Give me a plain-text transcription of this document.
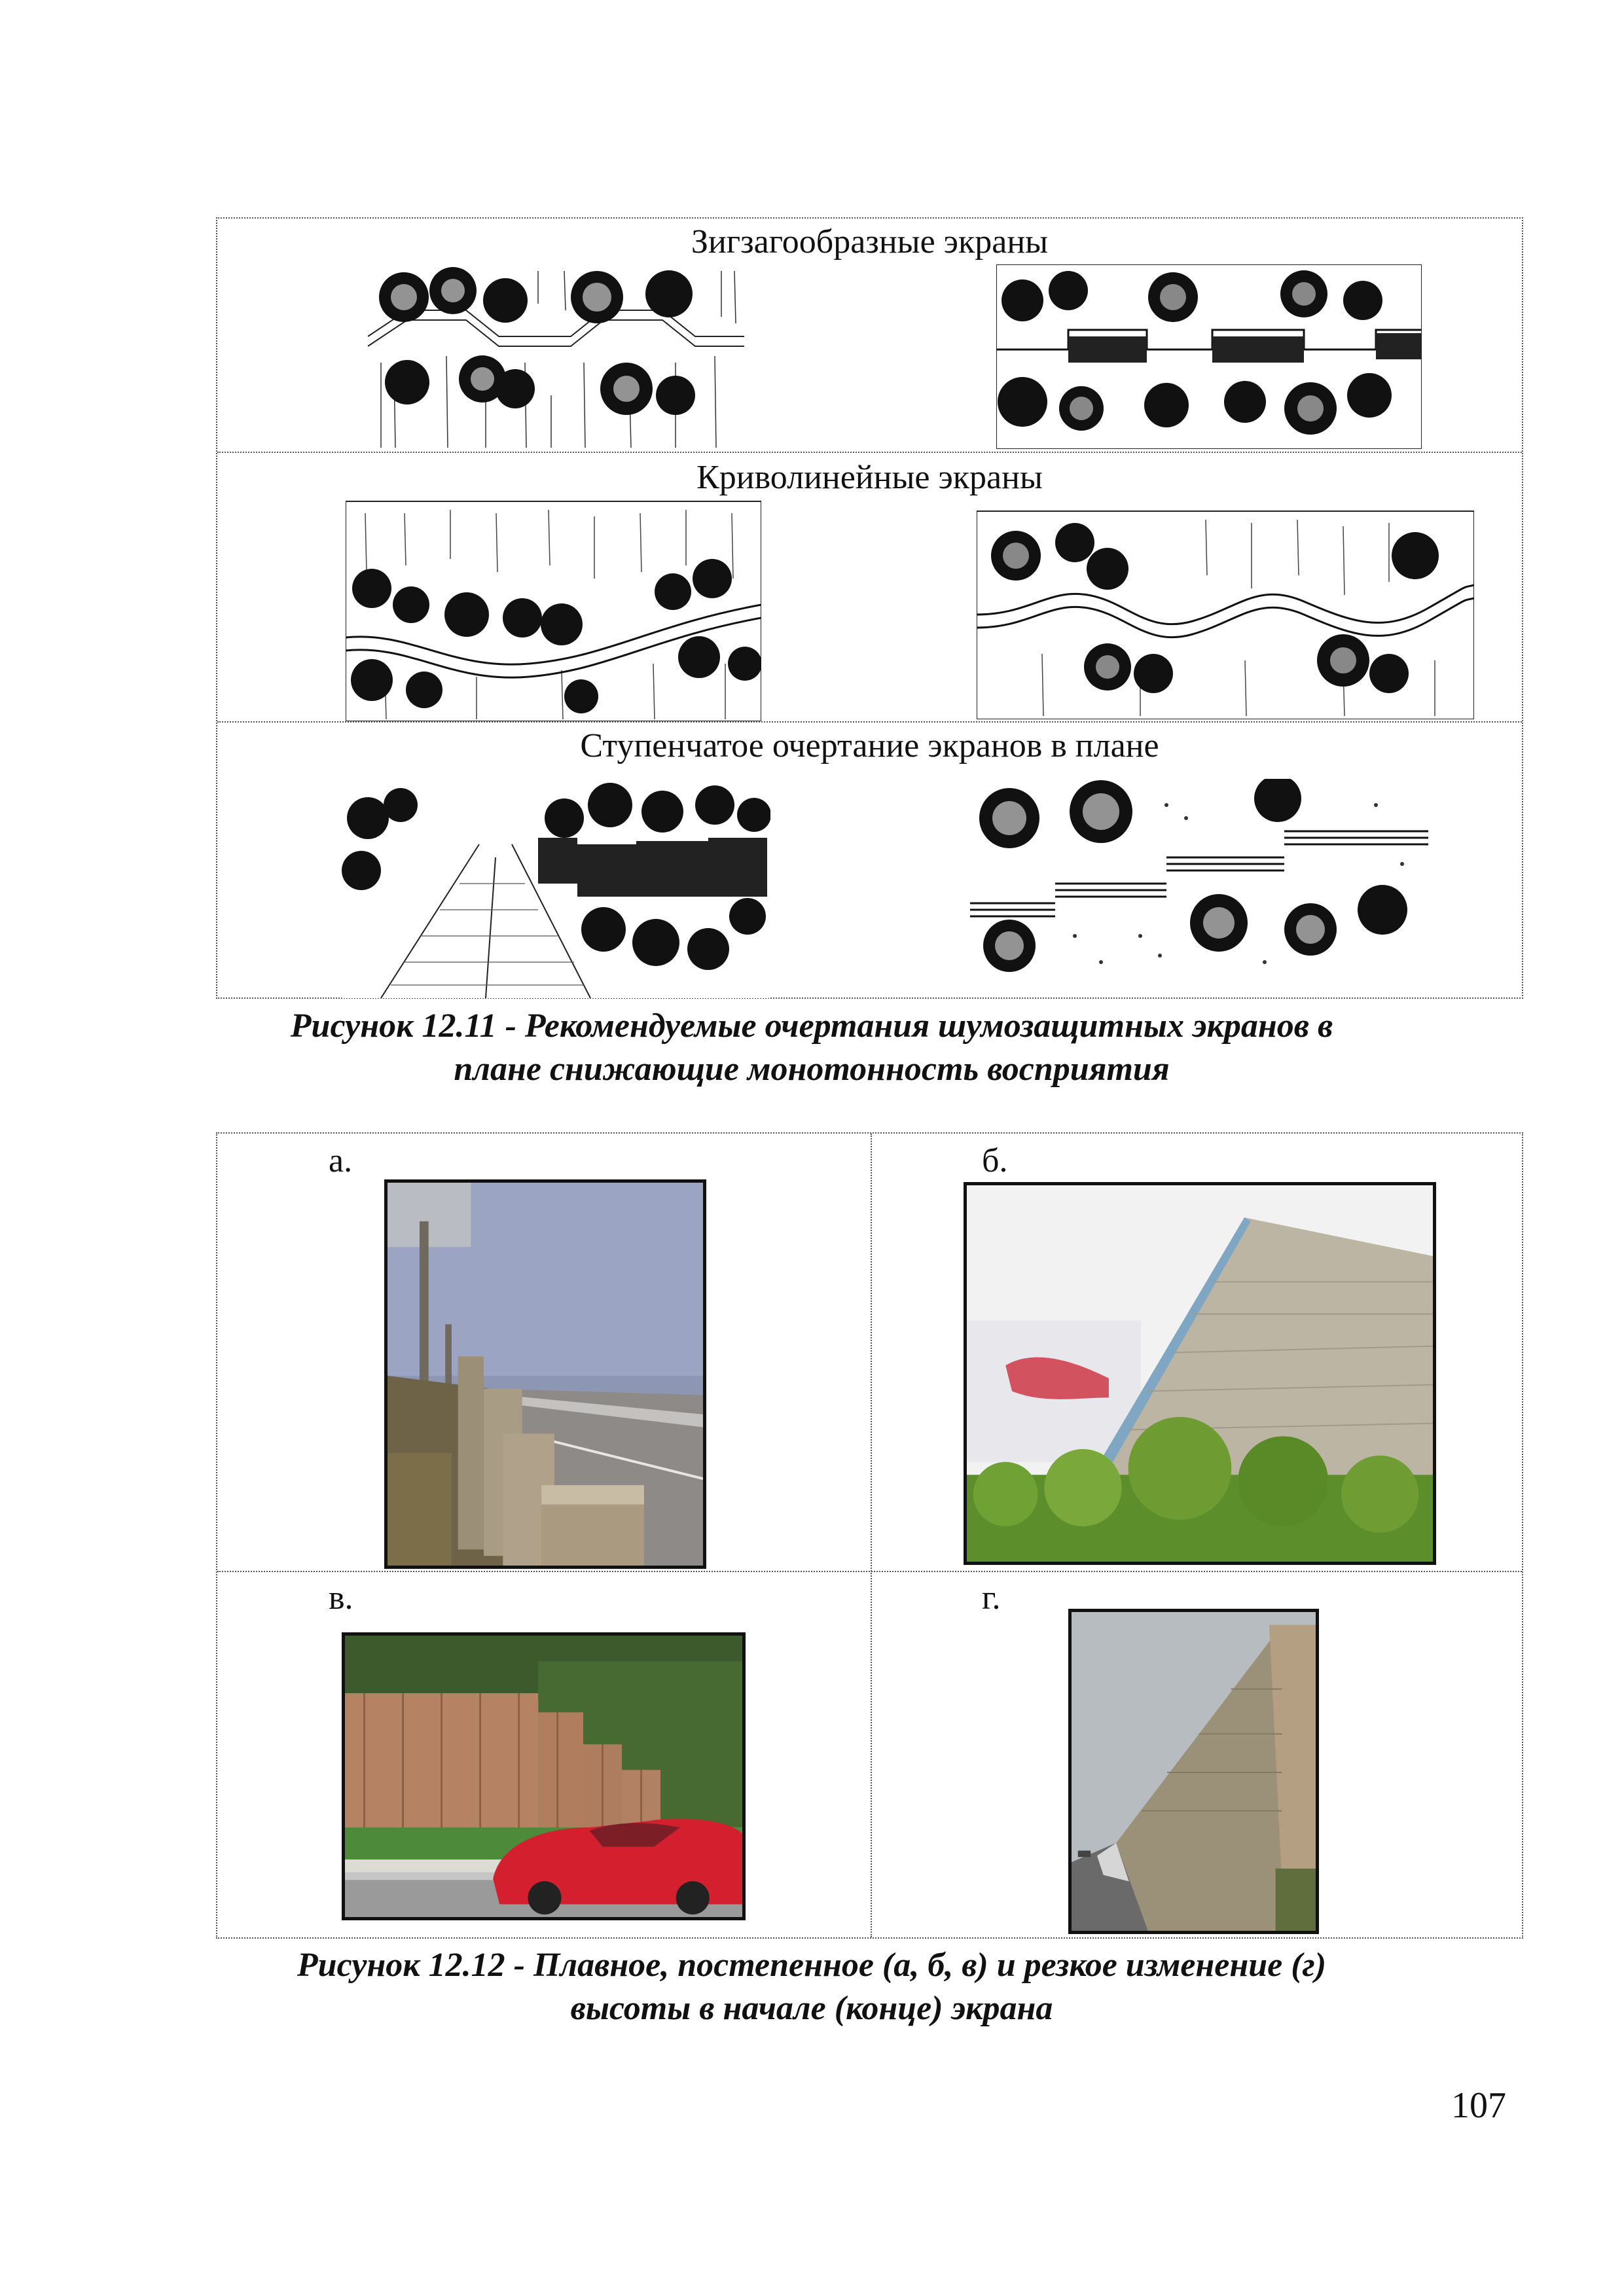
Зигзагообразные экраны
Криволинейные экраны
Ступенчатое очертание экранов в плане
Рисунок 12.11 - Рекомендуемые очертания шумозащитных экранов в
плане снижающие монотонность восприятия
а.	б.
в.	г.
Рисунок 12.12 - Плавное, постепенное (а, б, в) и резкое изменение (г)
высоты в начале (конце) экрана
107
